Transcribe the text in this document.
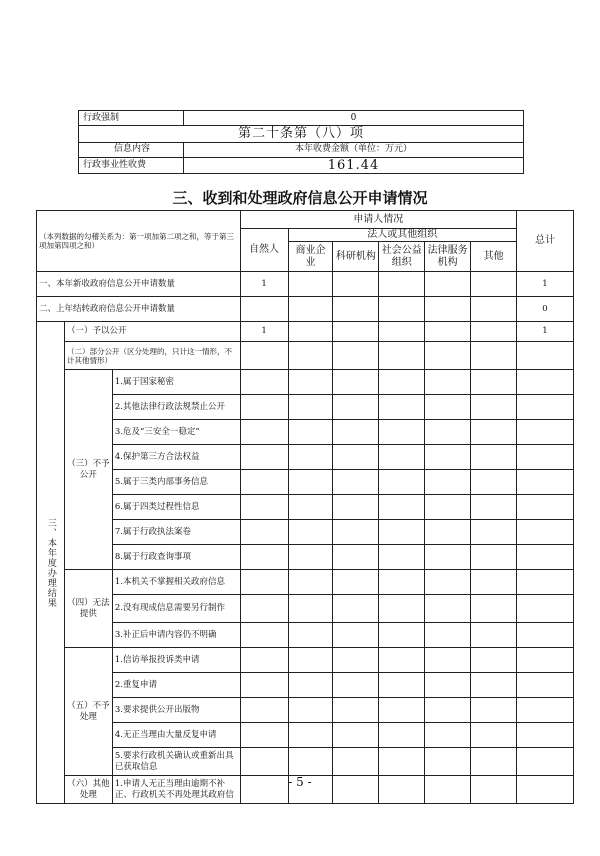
行政强制	0
第二十条第（八）项	
信息内容	本年收费金额（单位：万元）
行政事业性收费	161.44
三、收到和处理政府信息公开申请情况
（本列数据的勾稽关系为：第一项加第二项之和，等于第三项加第四项之和）			申请人情况						总计
			自然人	法人或其他组织					
				商业企业	科研机构	社会公益组织	法律服务机构	其他	
一、本年新收政府信息公开申请数量			1						1
二、上年结转政府信息公开申请数量									0
三、本年度办理结果	（一）予以公开		1						1
	（二）部分公开（区分处理的，只计这一情形，不计其他情形）								
	（三）不予公开	1.属于国家秘密							
		2.其他法律行政法规禁止公开							
		3.危及“三安全一稳定”							
		4.保护第三方合法权益							
		5.属于三类内部事务信息							
		6.属于四类过程性信息							
		7.属于行政执法案卷							
		8.属于行政查询事项							
	（四）无法提供	1.本机关不掌握相关政府信息							
		2.没有现成信息需要另行制作							
		3.补正后申请内容仍不明确							
	（五）不予处理	1.信访举报投诉类申请							
		2.重复申请							
		3.要求提供公开出版物							
		4.无正当理由大量反复申请							
		5.要求行政机关确认或重新出具已获取信息							
	（六）其他处理	1.申请人无正当理由逾期不补正、行政机关不再处理其政府信							
- 5 -
